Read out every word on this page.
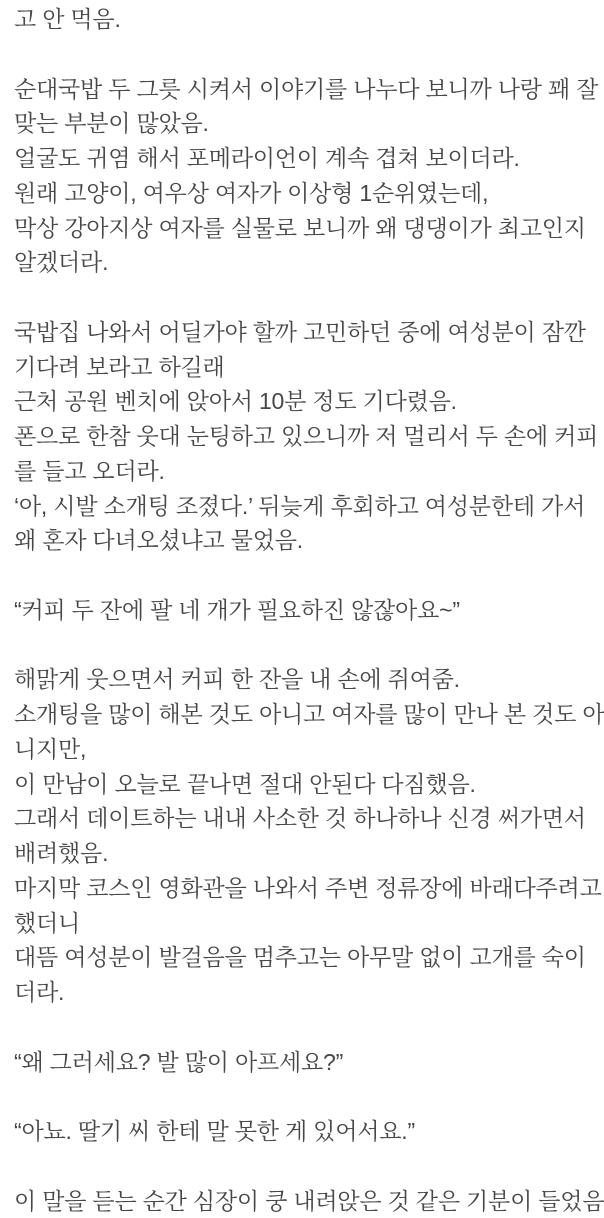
고 안 먹음.
순대국밥 두 그릇 시켜서 이야기를 나누다 보니까 나랑 꽤 잘
맞는 부분이 많았음.
얼굴도 귀염 해서 포메라이언이 계속 겹쳐 보이더라.
원래 고양이, 여우상 여자가 이상형 1순위였는데,
막상 강아지상 여자를 실물로 보니까 왜 댕댕이가 최고인지
알겠더라.
국밥집 나와서 어딜가야 할까 고민하던 중에 여성분이 잠깐
기다려 보라고 하길래
근처 공원 벤치에 앉아서 10분 정도 기다렸음.
폰으로 한참 웃대 눈팅하고 있으니까 저 멀리서 두 손에 커피
를 들고 오더라.
‘아, 시발 소개팅 조졌다.’ 뒤늦게 후회하고 여성분한테 가서
왜 혼자 다녀오셨냐고 물었음.
“커피 두 잔에 팔 네 개가 필요하진 않잖아요~”
해맑게 웃으면서 커피 한 잔을 내 손에 쥐여줌.
소개팅을 많이 해본 것도 아니고 여자를 많이 만나 본 것도 아
니지만,
이 만남이 오늘로 끝나면 절대 안된다 다짐했음.
그래서 데이트하는 내내 사소한 것 하나하나 신경 써가면서
배려했음.
마지막 코스인 영화관을 나와서 주변 정류장에 바래다주려고
했더니
대뜸 여성분이 발걸음을 멈추고는 아무말 없이 고개를 숙이
더라.
“왜 그러세요? 발 많이 아프세요?”
“아뇨. 딸기 씨 한테 말 못한 게 있어서요.”
이 말을 듣는 순간 심장이 쿵 내려앉은 것 같은 기분이 들었음
